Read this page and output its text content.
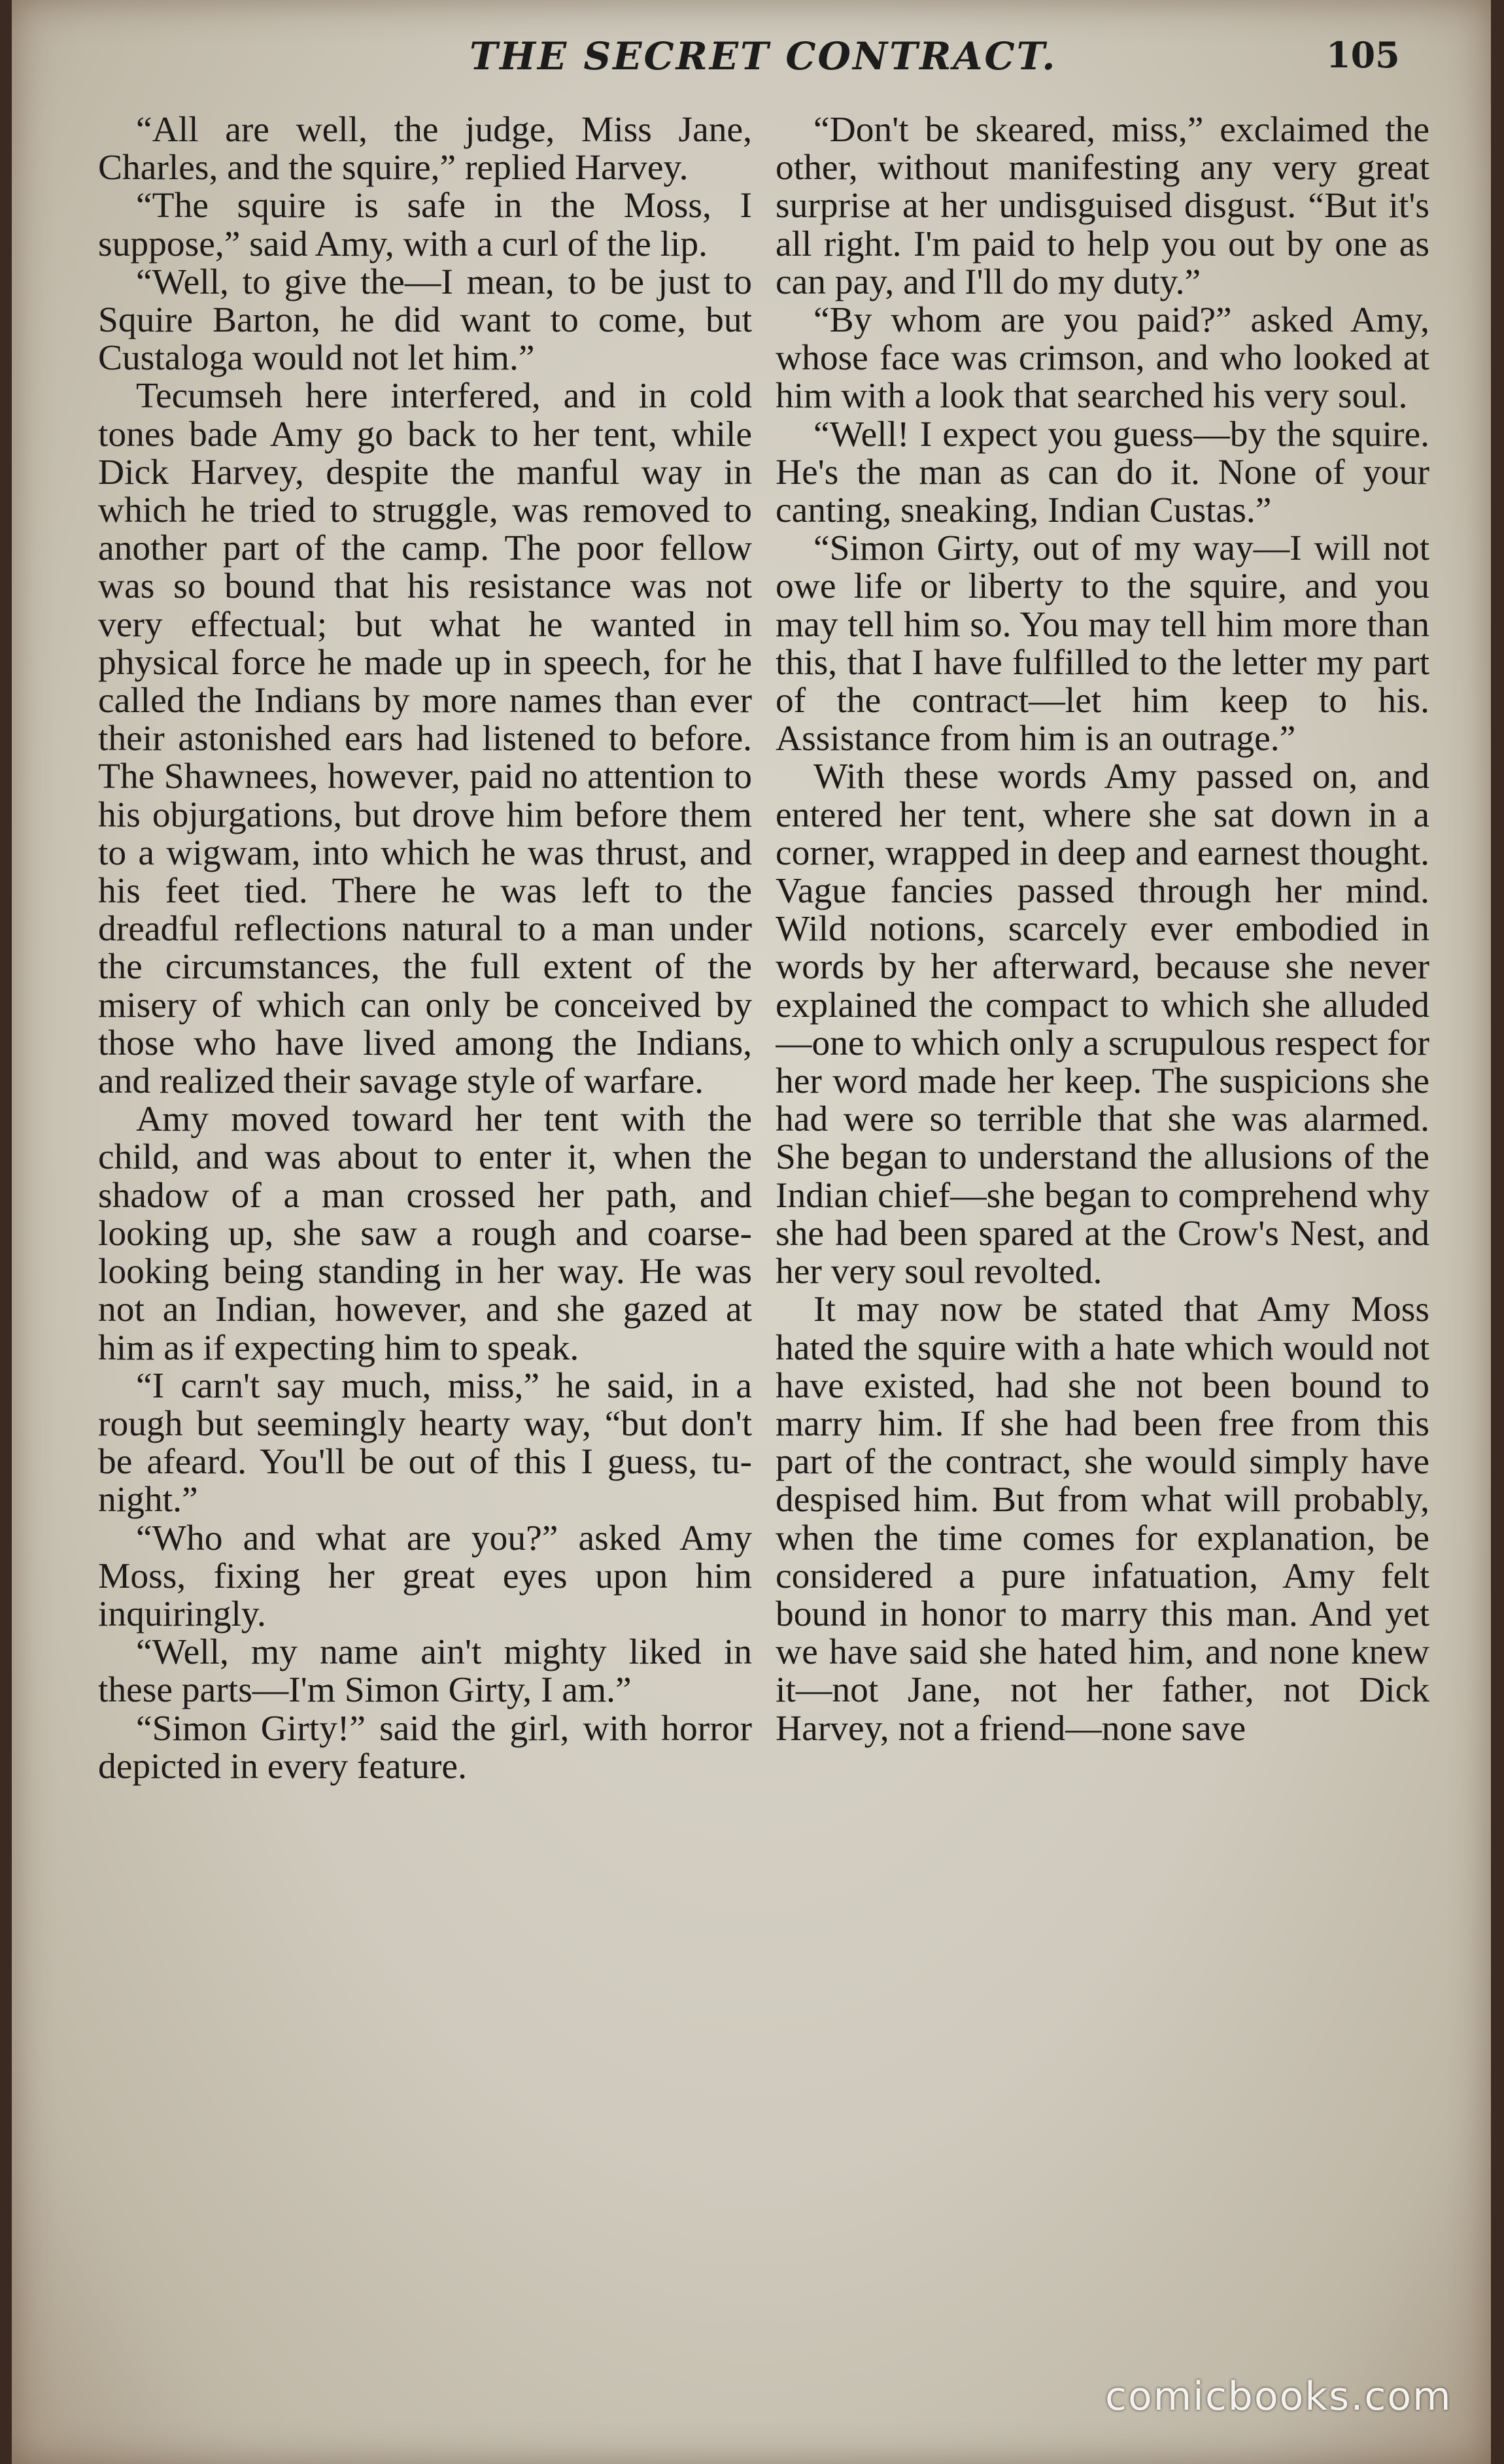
THE SECRET CONTRACT.	105

“All are well, the judge, Miss Jane, Charles, and the squire,” replied Harvey.

“The squire is safe in the Moss, I suppose,” said Amy, with a curl of the lip.

“Well, to give the—I mean, to be just to Squire Barton, he did want to come, but Custaloga would not let him.”

Tecumseh here interfered, and in cold tones bade Amy go back to her tent, while Dick Harvey, despite the manful way in which he tried to struggle, was removed to another part of the camp. The poor fellow was so bound that his resistance was not very effectual; but what he wanted in physical force he made up in speech, for he called the Indians by more names than ever their astonished ears had listened to before. The Shawnees, however, paid no attention to his objurgations, but drove him before them to a wigwam, into which he was thrust, and his feet tied. There he was left to the dreadful reflections natural to a man under the circumstances, the full extent of the misery of which can only be conceived by those who have lived among the Indians, and realized their savage style of warfare.

Amy moved toward her tent with the child, and was about to enter it, when the shadow of a man crossed her path, and looking up, she saw a rough and coarse-looking being standing in her way. He was not an Indian, however, and she gazed at him as if expecting him to speak.

“I carn't say much, miss,” he said, in a rough but seemingly hearty way, “but don't be afeard. You'll be out of this I guess, tu-night.”

“Who and what are you?” asked Amy Moss, fixing her great eyes upon him inquiringly.

“Well, my name ain't mighty liked in these parts—I'm Simon Girty, I am.”

“Simon Girty!” said the girl, with horror depicted in every feature.

“Don't be skeared, miss,” exclaimed the other, without manifesting any very great surprise at her undisguised disgust. “But it's all right. I'm paid to help you out by one as can pay, and I'll do my duty.”

“By whom are you paid?” asked Amy, whose face was crimson, and who looked at him with a look that searched his very soul.

“Well! I expect you guess—by the squire. He's the man as can do it. None of your canting, sneaking, Indian Custas.”

“Simon Girty, out of my way—I will not owe life or liberty to the squire, and you may tell him so. You may tell him more than this, that I have fulfilled to the letter my part of the contract—let him keep to his. Assistance from him is an outrage.”

With these words Amy passed on, and entered her tent, where she sat down in a corner, wrapped in deep and earnest thought. Vague fancies passed through her mind. Wild notions, scarcely ever embodied in words by her afterward, because she never explained the compact to which she alluded—one to which only a scrupulous respect for her word made her keep. The suspicions she had were so terrible that she was alarmed. She began to understand the allusions of the Indian chief—she began to comprehend why she had been spared at the Crow's Nest, and her very soul revolted.

It may now be stated that Amy Moss hated the squire with a hate which would not have existed, had she not been bound to marry him. If she had been free from this part of the contract, she would simply have despised him. But from what will probably, when the time comes for explanation, be considered a pure infatuation, Amy felt bound in honor to marry this man. And yet we have said she hated him, and none knew it—not Jane, not her father, not Dick Harvey, not a friend—none save

comicbooks.com
